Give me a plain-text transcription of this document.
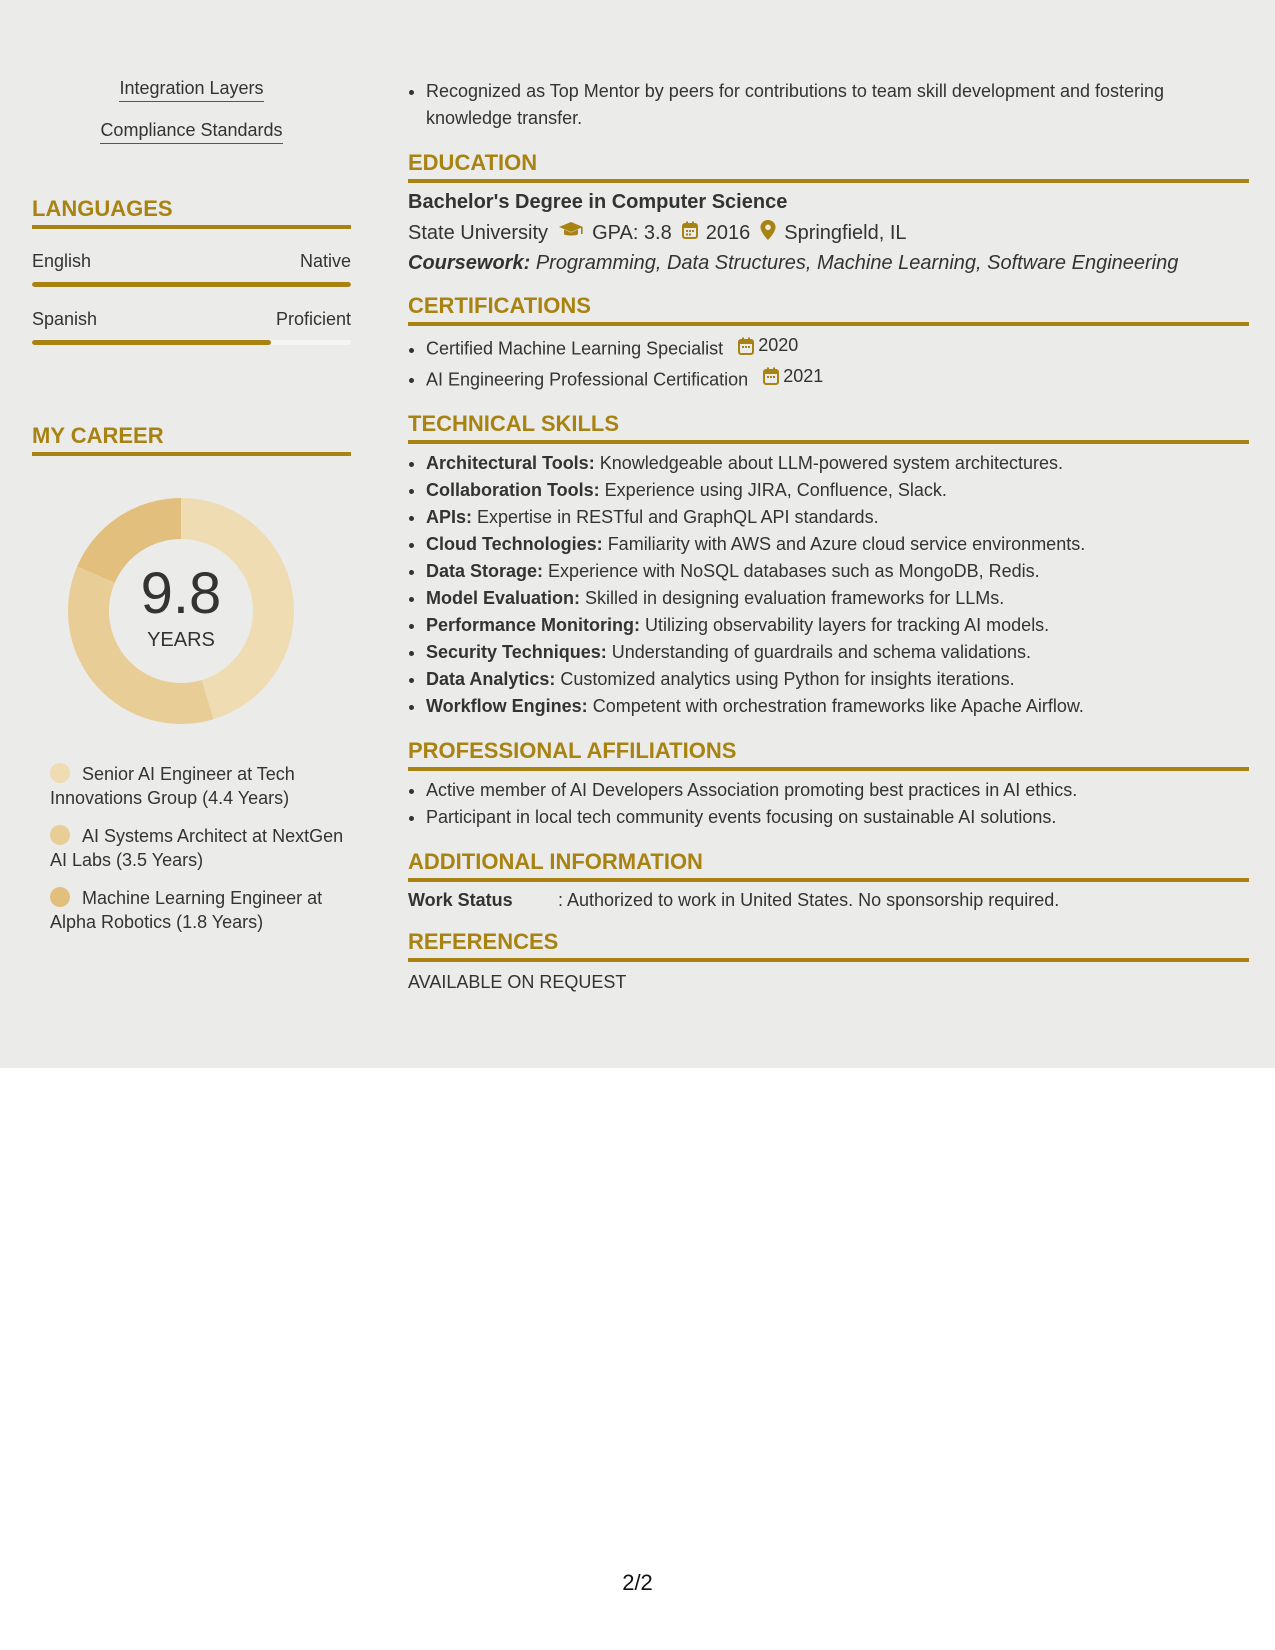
Integration Layers
Compliance Standards
LANGUAGES
English	Native
Spanish	Proficient
MY CAREER
9.8
YEARS
Senior AI Engineer at Tech Innovations Group (4.4 Years)
AI Systems Architect at NextGen AI Labs (3.5 Years)
Machine Learning Engineer at Alpha Robotics (1.8 Years)
• Recognized as Top Mentor by peers for contributions to team skill development and fostering knowledge transfer.
EDUCATION
Bachelor's Degree in Computer Science
State University GPA: 3.8 2016 Springfield, IL
Coursework: Programming, Data Structures, Machine Learning, Software Engineering
CERTIFICATIONS
• Certified Machine Learning Specialist 2020
• AI Engineering Professional Certification 2021
TECHNICAL SKILLS
• Architectural Tools: Knowledgeable about LLM-powered system architectures.
• Collaboration Tools: Experience using JIRA, Confluence, Slack.
• APIs: Expertise in RESTful and GraphQL API standards.
• Cloud Technologies: Familiarity with AWS and Azure cloud service environments.
• Data Storage: Experience with NoSQL databases such as MongoDB, Redis.
• Model Evaluation: Skilled in designing evaluation frameworks for LLMs.
• Performance Monitoring: Utilizing observability layers for tracking AI models.
• Security Techniques: Understanding of guardrails and schema validations.
• Data Analytics: Customized analytics using Python for insights iterations.
• Workflow Engines: Competent with orchestration frameworks like Apache Airflow.
PROFESSIONAL AFFILIATIONS
• Active member of AI Developers Association promoting best practices in AI ethics.
• Participant in local tech community events focusing on sustainable AI solutions.
ADDITIONAL INFORMATION
Work Status	: Authorized to work in United States. No sponsorship required.
REFERENCES
AVAILABLE ON REQUEST
2/2
